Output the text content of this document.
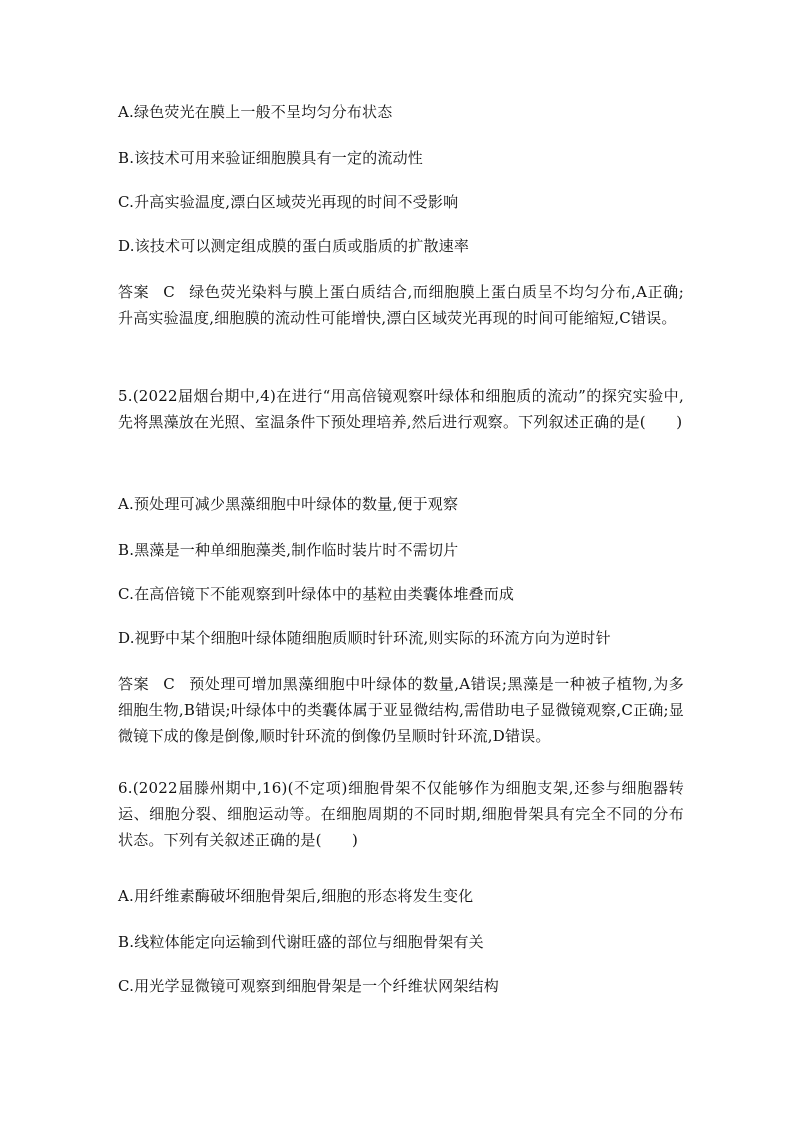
A.绿色荧光在膜上一般不呈均匀分布状态
B.该技术可用来验证细胞膜具有一定的流动性
C.升高实验温度,漂白区域荧光再现的时间不受影响
D.该技术可以测定组成膜的蛋白质或脂质的扩散速率
答案 C 绿色荧光染料与膜上蛋白质结合,而细胞膜上蛋白质呈不均匀分布,A正确;升高实验温度,细胞膜的流动性可能增快,漂白区域荧光再现的时间可能缩短,C错误。
5.(2022届烟台期中,4)在进行“用高倍镜观察叶绿体和细胞质的流动”的探究实验中,先将黑藻放在光照、室温条件下预处理培养,然后进行观察。下列叙述正确的是(　　)
A.预处理可减少黑藻细胞中叶绿体的数量,便于观察
B.黑藻是一种单细胞藻类,制作临时装片时不需切片
C.在高倍镜下不能观察到叶绿体中的基粒由类囊体堆叠而成
D.视野中某个细胞叶绿体随细胞质顺时针环流,则实际的环流方向为逆时针
答案 C 预处理可增加黑藻细胞中叶绿体的数量,A错误;黑藻是一种被子植物,为多细胞生物,B错误;叶绿体中的类囊体属于亚显微结构,需借助电子显微镜观察,C正确;显微镜下成的像是倒像,顺时针环流的倒像仍呈顺时针环流,D错误。
6.(2022届滕州期中,16)(不定项)细胞骨架不仅能够作为细胞支架,还参与细胞器转运、细胞分裂、细胞运动等。在细胞周期的不同时期,细胞骨架具有完全不同的分布状态。下列有关叙述正确的是(　　)
A.用纤维素酶破坏细胞骨架后,细胞的形态将发生变化
B.线粒体能定向运输到代谢旺盛的部位与细胞骨架有关
C.用光学显微镜可观察到细胞骨架是一个纤维状网架结构
